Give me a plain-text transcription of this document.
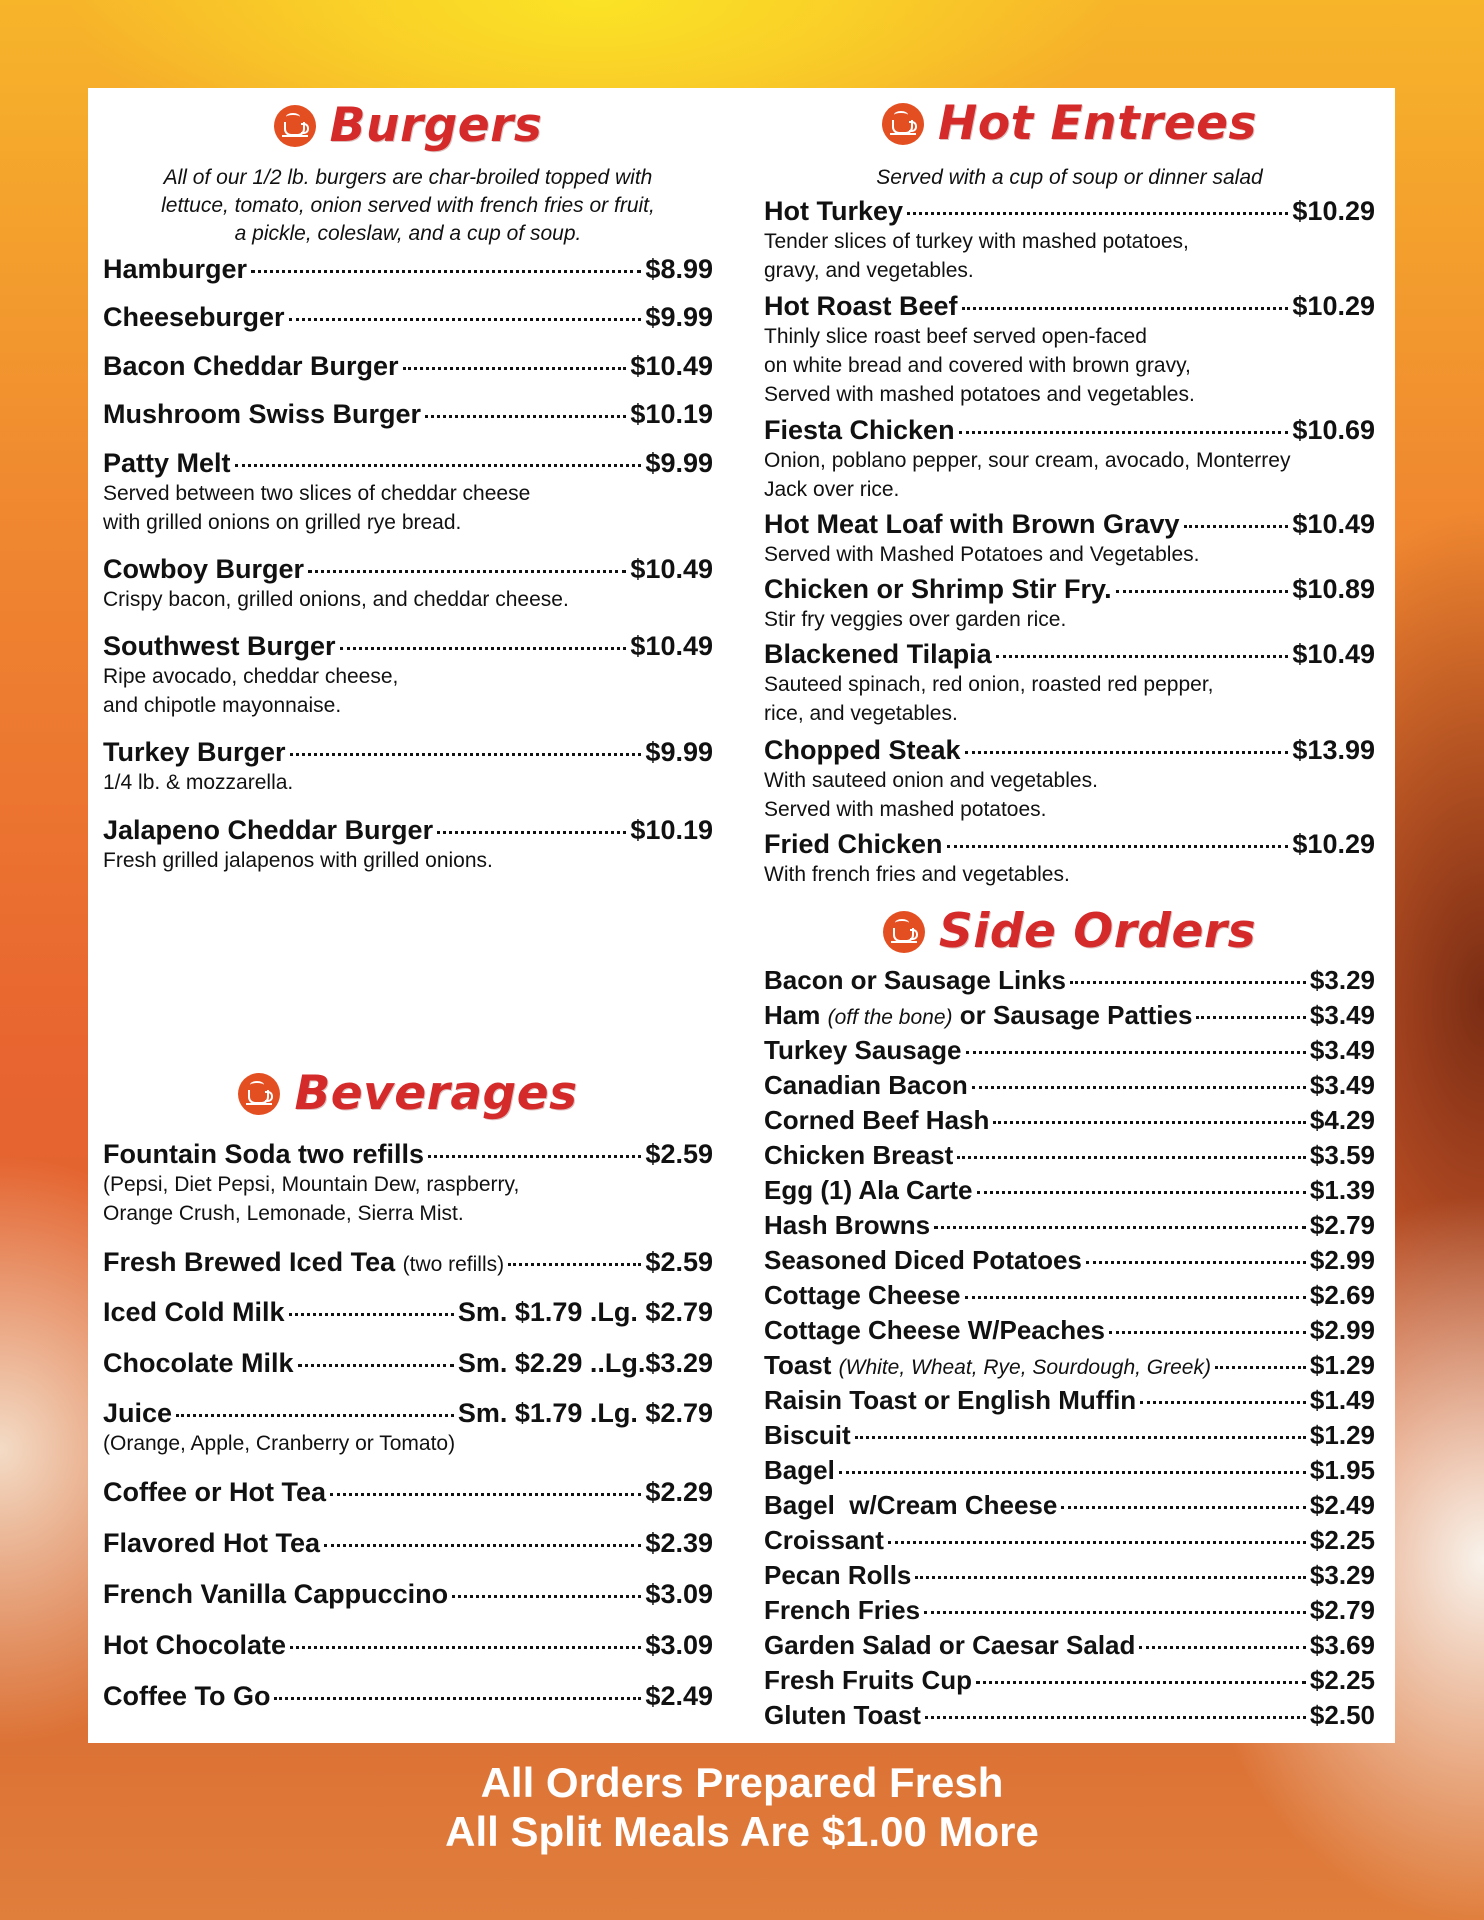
Burgers
All of our 1/2 lb. burgers are char-broiled topped with
lettuce, tomato, onion served with french fries or fruit,
a pickle, coleslaw, and a cup of soup.
Hamburger	$8.99
Cheeseburger	$9.99
Bacon Cheddar Burger	$10.49
Mushroom Swiss Burger	$10.19
Patty Melt	$9.99
Served between two slices of cheddar cheese
with grilled onions on grilled rye bread.
Cowboy Burger	$10.49
Crispy bacon, grilled onions, and cheddar cheese.
Southwest Burger	$10.49
Ripe avocado, cheddar cheese,
and chipotle mayonnaise.
Turkey Burger	$9.99
1/4 lb. & mozzarella.
Jalapeno Cheddar Burger	$10.19
Fresh grilled jalapenos with grilled onions.
Beverages
Fountain Soda two refills	$2.59
(Pepsi, Diet Pepsi, Mountain Dew, raspberry,
Orange Crush, Lemonade, Sierra Mist.
Fresh Brewed Iced Tea (two refills)	$2.59
Iced Cold Milk	Sm. $1.79 .Lg. $2.79
Chocolate Milk	Sm. $2.29 ..Lg.$3.29
Juice	Sm. $1.79 .Lg. $2.79
(Orange, Apple, Cranberry or Tomato)
Coffee or Hot Tea	$2.29
Flavored Hot Tea	$2.39
French Vanilla Cappuccino	$3.09
Hot Chocolate	$3.09
Coffee To Go	$2.49
Hot Entrees
Served with a cup of soup or dinner salad
Hot Turkey	$10.29
Tender slices of turkey with mashed potatoes,
gravy, and vegetables.
Hot Roast Beef	$10.29
Thinly slice roast beef served open-faced
on white bread and covered with brown gravy,
Served with mashed potatoes and vegetables.
Fiesta Chicken	$10.69
Onion, poblano pepper, sour cream, avocado, Monterrey
Jack over rice.
Hot Meat Loaf with Brown Gravy	$10.49
Served with Mashed Potatoes and Vegetables.
Chicken or Shrimp Stir Fry.	$10.89
Stir fry veggies over garden rice.
Blackened Tilapia	$10.49
Sauteed spinach, red onion, roasted red pepper,
rice, and vegetables.
Chopped Steak	$13.99
With sauteed onion and vegetables.
Served with mashed potatoes.
Fried Chicken	$10.29
With french fries and vegetables.
Side Orders
Bacon or Sausage Links	$3.29
Ham (off the bone) or Sausage Patties	$3.49
Turkey Sausage	$3.49
Canadian Bacon	$3.49
Corned Beef Hash	$4.29
Chicken Breast	$3.59
Egg (1) Ala Carte	$1.39
Hash Browns	$2.79
Seasoned Diced Potatoes	$2.99
Cottage Cheese	$2.69
Cottage Cheese W/Peaches	$2.99
Toast (White, Wheat, Rye, Sourdough, Greek)	$1.29
Raisin Toast or English Muffin	$1.49
Biscuit	$1.29
Bagel	$1.95
Bagel  w/Cream Cheese	$2.49
Croissant	$2.25
Pecan Rolls	$3.29
French Fries	$2.79
Garden Salad or Caesar Salad	$3.69
Fresh Fruits Cup	$2.25
Gluten Toast	$2.50
All Orders Prepared Fresh
All Split Meals Are $1.00 More
